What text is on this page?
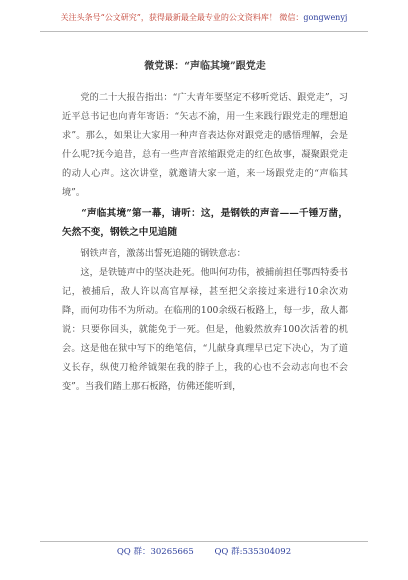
关注头条号“公文研究”，获得最新最全最专业的公文资料库！ 微信：gongwenyj
微党课：“声临其境”跟党走

党的二十大报告指出：“广大青年要坚定不移听党话、跟党走”，习近平总书记也向青年寄语：“矢志不渝，用一生来践行跟党走的理想追求”。那么，如果让大家用一种声音表达你对跟党走的感悟理解，会是什么呢?抚今追昔，总有一些声音浓缩跟党走的红色故事，凝聚跟党走的动人心声。这次讲堂，就邀请大家一道，来一场跟党走的“声临其境”。

“声临其境”第一幕，请听：这，是钢铁的声音——千锤万凿，矢然不变，钢铁之中见追随

钢铁声音，激荡出誓死追随的钢铁意志：

这，是铁链声中的坚决赴死。他叫何功伟，被捕前担任鄂西特委书记，被捕后，敌人许以高官厚禄，甚至把父亲接过来进行10余次劝降，而何功伟不为所动。在临刑的100余级石板路上，每一步，敌人都说：只要你回头，就能免于一死。但是，他毅然放弃100次活着的机会。这是他在狱中写下的绝笔信，“儿献身真理早已定下决心，为了道义长存，纵使刀枪斧钺架在我的脖子上，我的心也不会动志向也不会变”。当我们踏上那石板路，仿佛还能听到，

QQ 群：30265665 QQ 群:535304092
